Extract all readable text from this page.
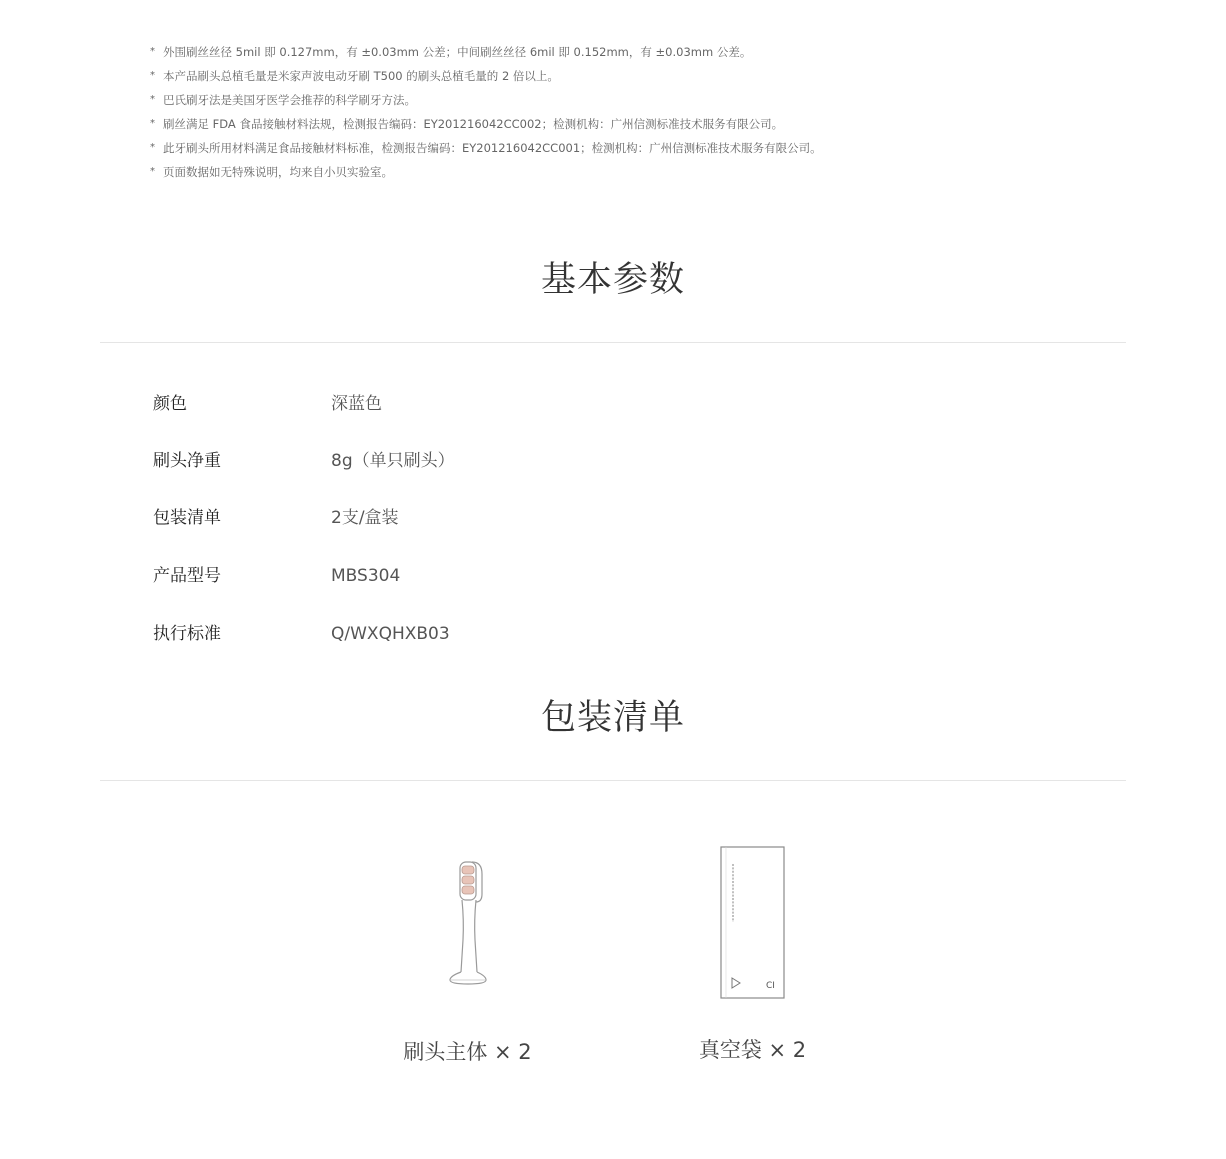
* 外围刷丝丝径 5mil 即 0.127mm，有 ±0.03mm 公差；中间刷丝丝径 6mil 即 0.152mm，有 ±0.03mm 公差。
* 本产品刷头总植毛量是米家声波电动牙刷 T500 的刷头总植毛量的 2 倍以上。
* 巴氏刷牙法是美国牙医学会推荐的科学刷牙方法。
* 刷丝满足 FDA 食品接触材料法规，检测报告编码：EY201216042CC002；检测机构：广州信测标准技术服务有限公司。
* 此牙刷头所用材料满足食品接触材料标准，检测报告编码：EY201216042CC001；检测机构：广州信测标准技术服务有限公司。
* 页面数据如无特殊说明，均来自小贝实验室。
基本参数
颜色	深蓝色
刷头净重	8g（单只刷头）
包装清单	2支/盒装
产品型号	MBS304
执行标准	Q/WXQHXB03
包装清单
刷头主体 × 2
CI
真空袋 × 2
